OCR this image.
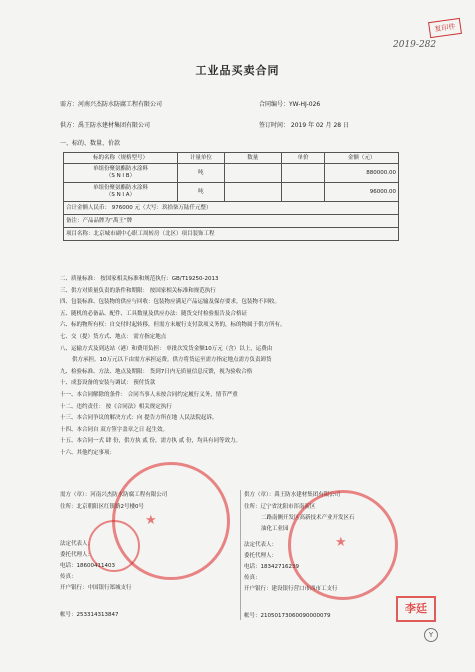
复印件
2019-282
工业品买卖合同
需方：河南兴杰防水防腐工程有限公司	合同编号：YW-HJ-026
供方：禹王防水建材集团有限公司	签订时间： 2019 年 02 月 28 日
一、标的、数量、价款
标的名称（规格型号）	计量单位	数量	单价	金额（元）

单组份聚氨酯防水涂料
（S N I B）	吨			880000.00

单组份聚氨酯防水涂料
（S N I A）	吨			96000.00
合计金额人民币： 976000 元（大写：玖拾柒万陆仟元整）				
备注：产品品牌为“禹王”牌				
项目名称：北京城市副中心职工周转房（北区）项目装饰工程				
二、质量标准： 按国家相关标准和规范执行：GB/T19250-2013
三、供方对质量负责的条件和期限： 按国家相关标准和规范执行
四、包装标准、包装物的供应与回收：包装物应满足产品运输及保存要求，包装物不回收。
五、随机的必备品、配件、工具数量及供应办法：随货交付检验报告及合格证
六、标的物所有权：自交付时起转移，但需方未履行支付款项义务的，标的物属于供方所有。
七、交（提）货方式、地点： 需方指定地点
八、运输方式及到达站（港）和费用负担： 单批次发货金额10万元（含）以上，运费由
供方承担。10万元以下由需方承担运费。供方将货运至需方指定地点需方负责卸货
九、检验标准、方法、地点及期限： 货到7日内无质量信息反馈，视为验收合格
十、成套设备的安装与调试： 预付货款
十一、本合同解除的条件： 合同当事人未按合同约定履行义务，情节严重
十二、违约责任： 按《合同法》相关规定执行
十三、本合同争议的解决方式：向 提告方所在地 人民法院起诉。
十四、本合同自 双方签字盖章之日 起生效。
十五、本合同一式 肆 份，供方执 贰 份，需方执 贰 份，均具有同等效力。
十六、其他约定事项：
需方（章）：河南兴杰防水防腐工程有限公司
住所：北京朝阳区红镇路2号楼0号
法定代表人：
委托代理人：
电话：18600411403
传真：
开户银行：中国银行郑城支行
帐号：253314313847
供方（章）：禹王防水建材集团有限公司
住所：辽宁省沈阳市浑南新区
二路南侧开发区高新技术产业开发区石
油化工业园
法定代表人：
委托代理人：
电话：18342716239
传真：
开户银行：建设银行营口市西市工支行
帐号：21050173060090000079
★
★
李廷
Y
